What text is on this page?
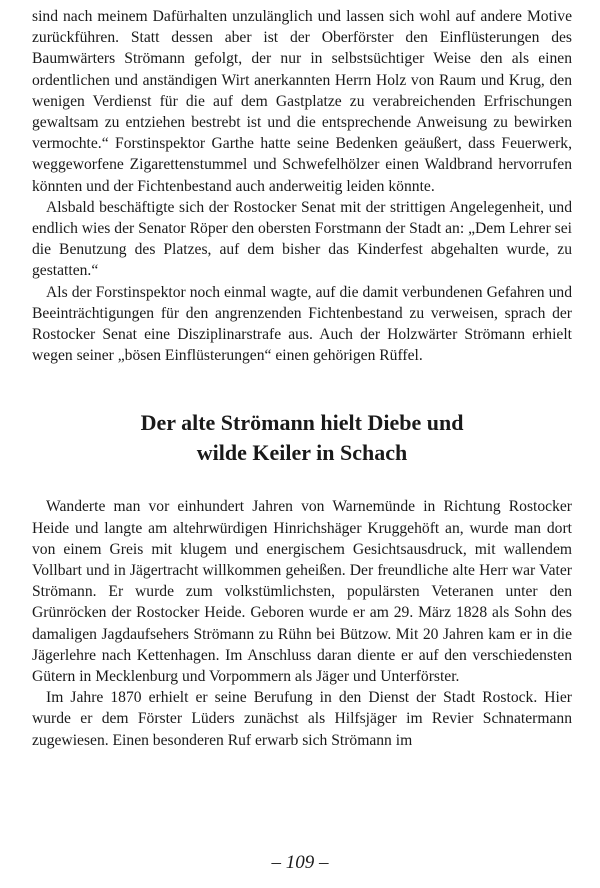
sind nach meinem Dafürhalten unzulänglich und lassen sich wohl auf andere Motive zurückführen. Statt dessen aber ist der Oberförster den Einflüsterungen des Baumwärters Strömann gefolgt, der nur in selbstsüchtiger Weise den als einen ordentlichen und anständigen Wirt anerkannten Herrn Holz von Raum und Krug, den wenigen Verdienst für die auf dem Gastplatze zu verabreichenden Erfrischungen gewaltsam zu entziehen bestrebt ist und die entsprechende Anweisung zu bewirken vermochte.“ Forstinspektor Garthe hatte seine Bedenken geäußert, dass Feuerwerk, weggeworfene Zigarettenstummel und Schwefelhölzer einen Waldbrand hervorrufen könnten und der Fichtenbestand auch anderweitig leiden könnte.

Alsbald beschäftigte sich der Rostocker Senat mit der strittigen Angelegenheit, und endlich wies der Senator Röper den obersten Forstmann der Stadt an: „Dem Lehrer sei die Benutzung des Platzes, auf dem bisher das Kinderfest abgehalten wurde, zu gestatten.“

Als der Forstinspektor noch einmal wagte, auf die damit verbundenen Gefahren und Beeinträchtigungen für den angrenzenden Fichtenbestand zu verweisen, sprach der Rostocker Senat eine Disziplinarstrafe aus. Auch der Holzwärter Strömann erhielt wegen seiner „bösen Einflüsterungen“ einen gehörigen Rüffel.

Der alte Strömann hielt Diebe und
wilde Keiler in Schach

Wanderte man vor einhundert Jahren von Warnemünde in Richtung Rostocker Heide und langte am altehrwürdigen Hinrichshäger Kruggehöft an, wurde man dort von einem Greis mit klugem und energischem Gesichtsausdruck, mit wallendem Vollbart und in Jägertracht willkommen geheißen. Der freundliche alte Herr war Vater Strömann. Er wurde zum volkstümlichsten, populärsten Veteranen unter den Grünröcken der Rostocker Heide. Geboren wurde er am 29. März 1828 als Sohn des damaligen Jagdaufsehers Strömann zu Rühn bei Bützow. Mit 20 Jahren kam er in die Jägerlehre nach Kettenhagen. Im Anschluss daran diente er auf den verschiedensten Gütern in Mecklenburg und Vorpommern als Jäger und Unterförster.

Im Jahre 1870 erhielt er seine Berufung in den Dienst der Stadt Rostock. Hier wurde er dem Förster Lüders zunächst als Hilfsjäger im Revier Schnatermann zugewiesen. Einen besonderen Ruf erwarb sich Strömann im

– 109 –
